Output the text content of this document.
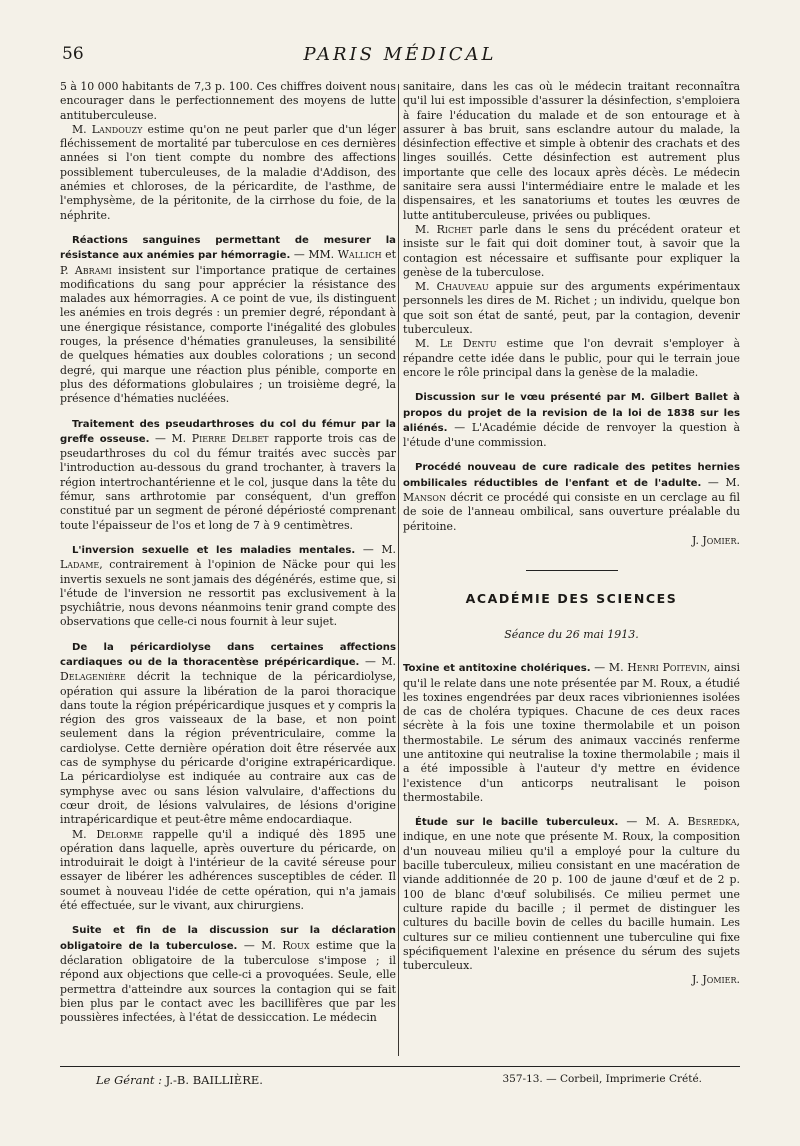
56	PARIS MÉDICAL

5 à 10 000 habitants de 7,3 p. 100. Ces chiffres doivent nous encourager dans le perfectionnement des moyens de lutte antituberculeuse.

M. Landouzy estime qu'on ne peut parler que d'un léger fléchissement de mortalité par tuberculose en ces dernières années si l'on tient compte du nombre des affections possiblement tuberculeuses, de la maladie d'Addison, des anémies et chloroses, de la péricardite, de l'asthme, de l'emphysème, de la péritonite, de la cirrhose du foie, de la néphrite.

Réactions sanguines permettant de mesurer la résistance aux anémies par hémorragie. — MM. Wallich et P. Abrami insistent sur l'importance pratique de certaines modifications du sang pour apprécier la résistance des malades aux hémorragies. A ce point de vue, ils distinguent les anémies en trois degrés : un premier degré, répondant à une énergique résistance, comporte l'inégalité des globules rouges, la présence d'hématies granuleuses, la sensibilité de quelques hématies aux doubles colorations ; un second degré, qui marque une réaction plus pénible, comporte en plus des déformations globulaires ; un troisième degré, la présence d'hématies nucléées.

Traitement des pseudarthroses du col du fémur par la greffe osseuse. — M. Pierre Delbet rapporte trois cas de pseudarthroses du col du fémur traités avec succès par l'introduction au-dessous du grand trochanter, à travers la région intertrochantérienne et le col, jusque dans la tête du fémur, sans arthrotomie par conséquent, d'un greffon constitué par un segment de péroné dépériosté comprenant toute l'épaisseur de l'os et long de 7 à 9 centimètres.

L'inversion sexuelle et les maladies mentales. — M. Ladame, contrairement à l'opinion de Näcke pour qui les invertis sexuels ne sont jamais des dégénérés, estime que, si l'étude de l'inversion ne ressortit pas exclusivement à la psychiâtrie, nous devons néanmoins tenir grand compte des observations que celle-ci nous fournit à leur sujet.

De la péricardiolyse dans certaines affections cardiaques ou de la thoracentèse prépéricardique. — M. Delagenière décrit la technique de la péricardiolyse, opération qui assure la libération de la paroi thoracique dans toute la région prépéricardique jusques et y compris la région des gros vaisseaux de la base, et non point seulement dans la région préventriculaire, comme la cardiolyse. Cette dernière opération doit être réservée aux cas de symphyse du péricarde d'origine extrapéricardique. La péricardiolyse est indiquée au contraire aux cas de symphyse avec ou sans lésion valvulaire, d'affections du cœur droit, de lésions valvulaires, de lésions d'origine intrapéricardique et peut-être même endocardiaque.

M. Delorme rappelle qu'il a indiqué dès 1895 une opération dans laquelle, après ouverture du péricarde, on introduirait le doigt à l'intérieur de la cavité séreuse pour essayer de libérer les adhérences susceptibles de céder. Il soumet à nouveau l'idée de cette opération, qui n'a jamais été effectuée, sur le vivant, aux chirurgiens.

Suite et fin de la discussion sur la déclaration obligatoire de la tuberculose. — M. Roux estime que la déclaration obligatoire de la tuberculose s'impose ; il répond aux objections que celle-ci a provoquées. Seule, elle permettra d'atteindre aux sources la contagion qui se fait bien plus par le contact avec les bacillifères que par les poussières infectées, à l'état de dessiccation. Le médecin

sanitaire, dans les cas où le médecin traitant reconnaîtra qu'il lui est impossible d'assurer la désinfection, s'emploiera à faire l'éducation du malade et de son entourage et à assurer à bas bruit, sans esclandre autour du malade, la désinfection effective et simple à obtenir des crachats et des linges souillés. Cette désinfection est autrement plus importante que celle des locaux après décès. Le médecin sanitaire sera aussi l'intermédiaire entre le malade et les dispensaires, et les sanatoriums et toutes les œuvres de lutte antituberculeuse, privées ou publiques.

M. Richet parle dans le sens du précédent orateur et insiste sur le fait qui doit dominer tout, à savoir que la contagion est nécessaire et suffisante pour expliquer la genèse de la tuberculose.

M. Chauveau appuie sur des arguments expérimentaux personnels les dires de M. Richet ; un individu, quelque bon que soit son état de santé, peut, par la contagion, devenir tuberculeux.

M. Le Dentu estime que l'on devrait s'employer à répandre cette idée dans le public, pour qui le terrain joue encore le rôle principal dans la genèse de la maladie.

Discussion sur le vœu présenté par M. Gilbert Ballet à propos du projet de la revision de la loi de 1838 sur les aliénés. — L'Académie décide de renvoyer la question à l'étude d'une commission.

Procédé nouveau de cure radicale des petites hernies ombilicales réductibles de l'enfant et de l'adulte. — M. Manson décrit ce procédé qui consiste en un cerclage au fil de soie de l'anneau ombilical, sans ouverture préalable du péritoine.

J. Jomier.

ACADÉMIE DES SCIENCES
Séance du 26 mai 1913.

Toxine et antitoxine cholériques. — M. Henri Poitevin, ainsi qu'il le relate dans une note présentée par M. Roux, a étudié les toxines engendrées par deux races vibrioniennes isolées de cas de choléra typiques. Chacune de ces deux races sécrète à la fois une toxine thermolabile et un poison thermostabile. Le sérum des animaux vaccinés renferme une antitoxine qui neutralise la toxine thermolabile ; mais il a été impossible à l'auteur d'y mettre en évidence l'existence d'un anticorps neutralisant le poison thermostabile.

Étude sur le bacille tuberculeux. — M. A. Besredka, indique, en une note que présente M. Roux, la composition d'un nouveau milieu qu'il a employé pour la culture du bacille tuberculeux, milieu consistant en une macération de viande additionnée de 20 p. 100 de jaune d'œuf et de 2 p. 100 de blanc d'œuf solubilisés. Ce milieu permet une culture rapide du bacille ; il permet de distinguer les cultures du bacille bovin de celles du bacille humain. Les cultures sur ce milieu contiennent une tuberculine qui fixe spécifiquement l'alexine en présence du sérum des sujets tuberculeux.

J. Jomier.

Le Gérant : J.-B. BAILLIÈRE.	357-13. — Corbeil, Imprimerie Crété.
